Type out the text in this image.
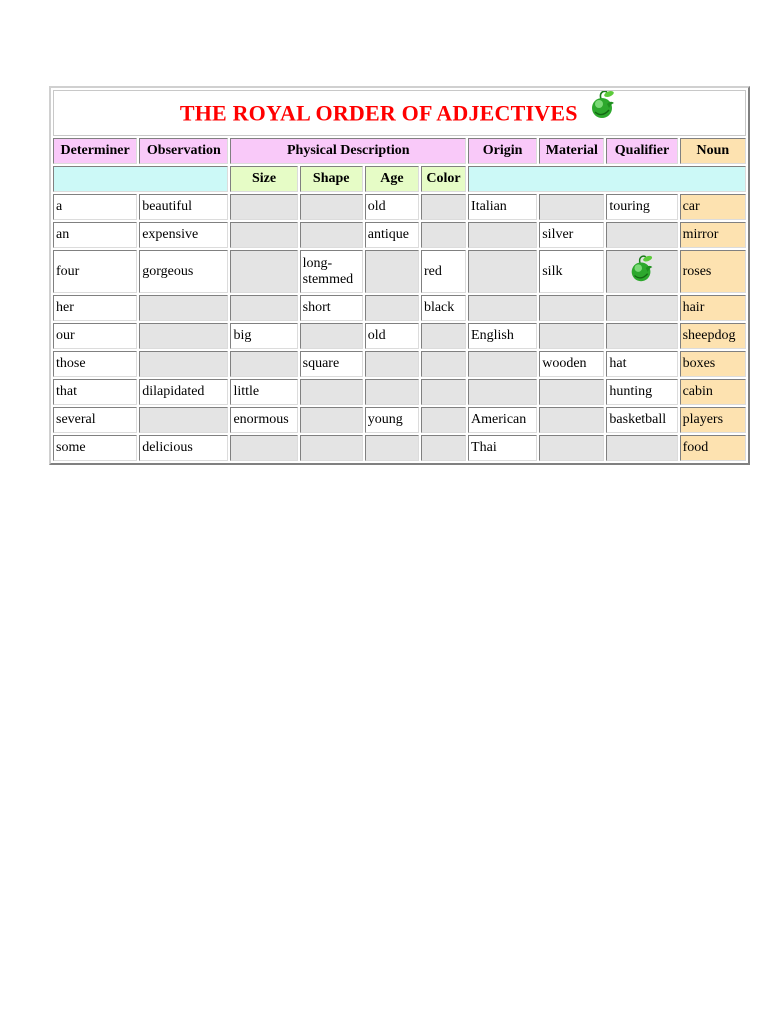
THE ROYAL ORDER OF ADJECTIVES									
Determiner	Observation	Physical Description				Origin	Material	Qualifier	Noun
		Size	Shape	Age	Color				
a	beautiful			old		Italian		touring	car
an	expensive			antique			silver		mirror
four	gorgeous		long-stemmed		red		silk		roses
her			short		black				hair
our		big		old		English			sheepdog
those			square				wooden	hat	boxes
that	dilapidated	little						hunting	cabin
several		enormous		young		American		basketball	players
some	delicious					Thai			food
